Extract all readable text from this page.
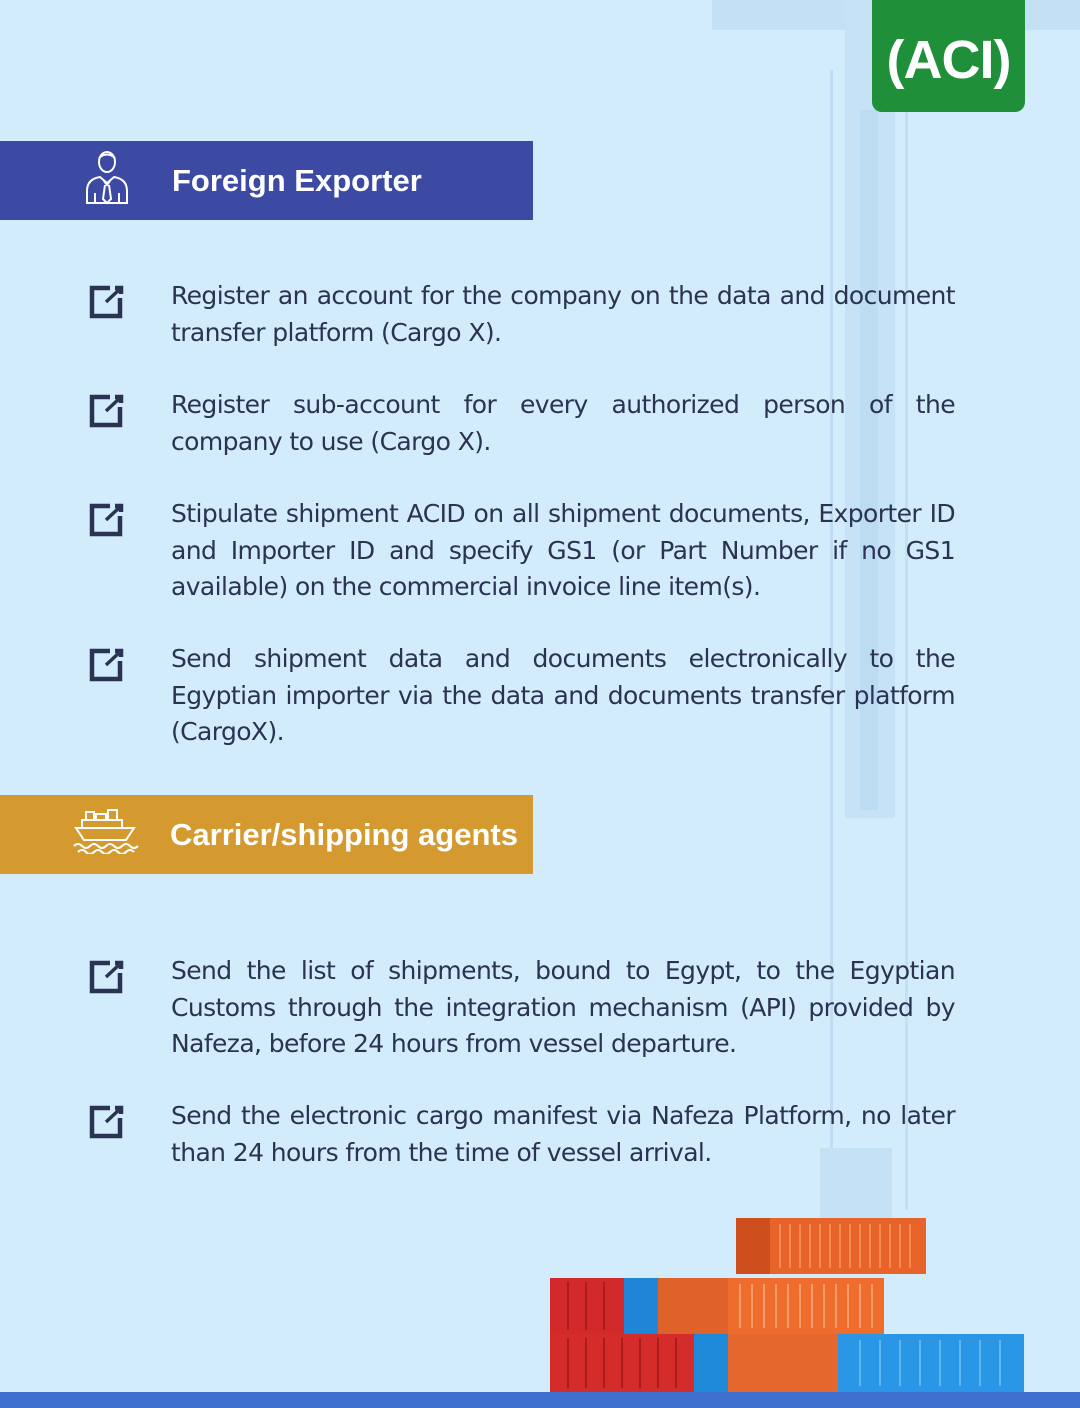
(ACI)
Foreign Exporter

Register an account for the company on the data and document transfer platform (Cargo X).

Register sub-account for every authorized person of the company to use (Cargo X).

Stipulate shipment ACID on all shipment documents, Exporter ID and Importer ID and specify GS1 (or Part Number if no GS1 available) on the commercial invoice line item(s).

Send shipment data and documents electronically to the Egyptian importer via the data and documents transfer platform (CargoX).

Carrier/shipping agents

Send the list of shipments, bound to Egypt, to the Egyptian Customs through the integration mechanism (API) provided by Nafeza, before 24 hours from vessel departure.

Send the electronic cargo manifest via Nafeza Platform, no later than 24 hours from the time of vessel arrival.
